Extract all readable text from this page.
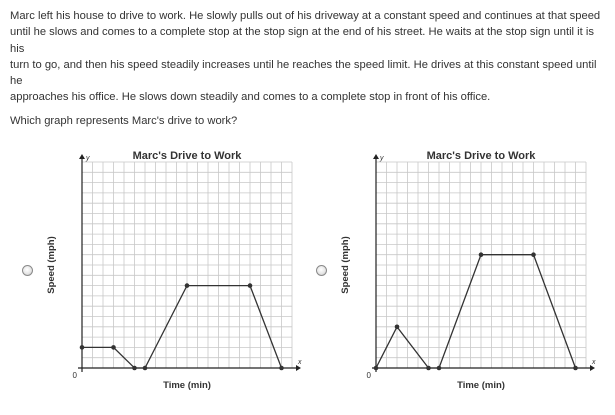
Marc left his house to drive to work. He slowly pulls out of his driveway at a constant speed and continues at that speed
until he slows and comes to a complete stop at the stop sign at the end of his street. He waits at the stop sign until it is his
turn to go, and then his speed steadily increases until he reaches the speed limit. He drives at this constant speed until he
approaches his office. He slows down steadily and comes to a complete stop in front of his office.
Which graph represents Marc's drive to work?
Marc's Drive to Work
x
y
0
Time (min)
Speed (mph)
Marc's Drive to Work
x
y
0
Time (min)
Speed (mph)
